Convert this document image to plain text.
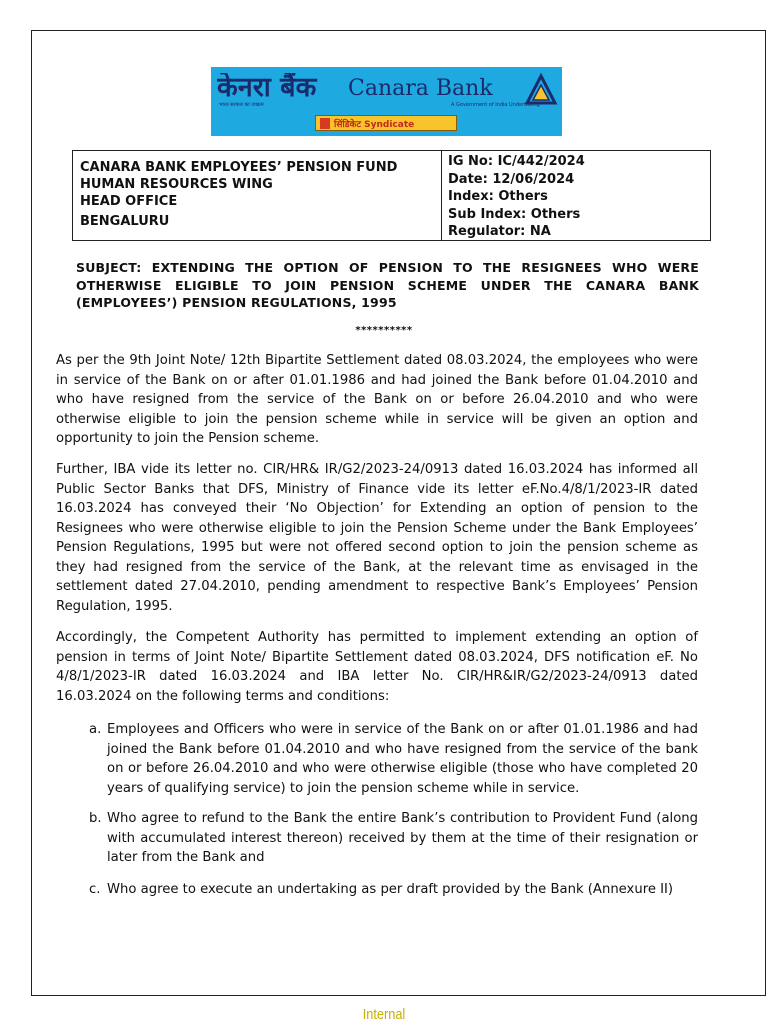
केनरा बैंक
भारत सरकार का उपक्रम
Canara Bank
A Government of India Undertaking
सिंडिकेट Syndicate
CANARA BANK EMPLOYEES’ PENSION FUND
HUMAN RESOURCES WING
HEAD OFFICE
BENGALURU
IG No: IC/442/2024
Date: 12/06/2024
Index: Others
Sub Index: Others
Regulator: NA
SUBJECT: EXTENDING THE OPTION OF PENSION TO THE RESIGNEES WHO WERE OTHERWISE ELIGIBLE TO JOIN PENSION SCHEME UNDER THE CANARA BANK (EMPLOYEES’) PENSION REGULATIONS, 1995
**********
As per the 9th Joint Note/ 12th Bipartite Settlement dated 08.03.2024, the employees who were in service of the Bank on or after 01.01.1986 and had joined the Bank before 01.04.2010 and who have resigned from the service of the Bank on or before 26.04.2010 and who were otherwise eligible to join the pension scheme while in service will be given an option and opportunity to join the Pension scheme.
Further, IBA vide its letter no. CIR/HR& IR/G2/2023-24/0913 dated 16.03.2024 has informed all Public Sector Banks that DFS, Ministry of Finance vide its letter eF.No.4/8/1/2023-IR dated 16.03.2024 has conveyed their ‘No Objection’ for Extending an option of pension to the Resignees who were otherwise eligible to join the Pension Scheme under the Bank Employees’ Pension Regulations, 1995 but were not offered second option to join the pension scheme as they had resigned from the service of the Bank, at the relevant time as envisaged in the settlement dated 27.04.2010, pending amendment to respective Bank’s Employees’ Pension Regulation, 1995.
Accordingly, the Competent Authority has permitted to implement extending an option of pension in terms of Joint Note/ Bipartite Settlement dated 08.03.2024, DFS notification eF. No 4/8/1/2023-IR dated 16.03.2024 and IBA letter No. CIR/HR&IR/G2/2023-24/0913 dated 16.03.2024 on the following terms and conditions:
a. Employees and Officers who were in service of the Bank on or after 01.01.1986 and had joined the Bank before 01.04.2010 and who have resigned from the service of the bank on or before 26.04.2010 and who were otherwise eligible (those who have completed 20 years of qualifying service) to join the pension scheme while in service.
b. Who agree to refund to the Bank the entire Bank’s contribution to Provident Fund (along with accumulated interest thereon) received by them at the time of their resignation or later from the Bank and
c. Who agree to execute an undertaking as per draft provided by the Bank (Annexure II)
Internal
